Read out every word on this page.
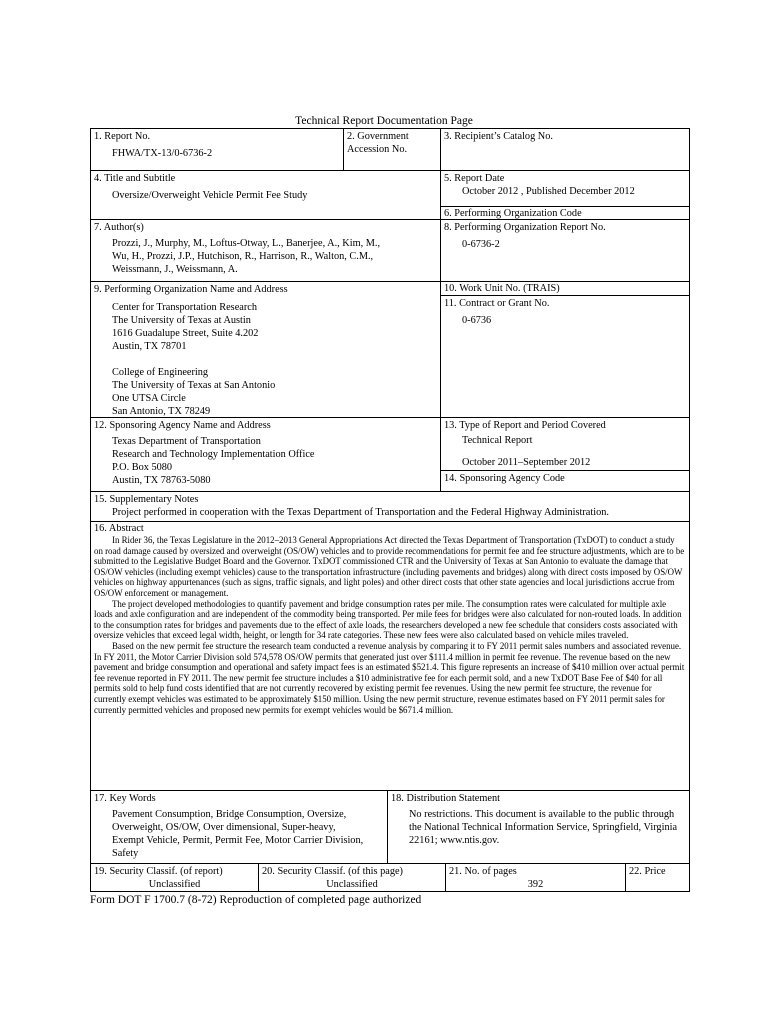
Technical Report Documentation Page
1. Report No.
FHWA/TX-13/0-6736-2
2. Government
Accession No.
3. Recipient’s Catalog No.
4. Title and Subtitle
Oversize/Overweight Vehicle Permit Fee Study
5. Report Date
October 2012 , Published December 2012
6. Performing Organization Code
7. Author(s)
Prozzi, J., Murphy, M., Loftus-Otway, L., Banerjee, A., Kim, M.,
Wu, H., Prozzi, J.P., Hutchison, R., Harrison, R., Walton, C.M.,
Weissmann, J., Weissmann, A.
8. Performing Organization Report No.
0-6736-2
9. Performing Organization Name and Address
Center for Transportation Research
The University of Texas at Austin
1616 Guadalupe Street, Suite 4.202
Austin, TX 78701

College of Engineering
The University of Texas at San Antonio
One UTSA Circle
San Antonio, TX 78249
10. Work Unit No. (TRAIS)
11. Contract or Grant No.
0-6736
12. Sponsoring Agency Name and Address
Texas Department of Transportation
Research and Technology Implementation Office
P.O. Box 5080
Austin, TX 78763-5080
13. Type of Report and Period Covered
Technical Report

October 2011–September 2012
14. Sponsoring Agency Code
15. Supplementary Notes
Project performed in cooperation with the Texas Department of Transportation and the Federal Highway Administration.
16. Abstract

In Rider 36, the Texas Legislature in the 2012–2013 General Appropriations Act directed the Texas Department of Transportation (TxDOT) to conduct a study on road damage caused by oversized and overweight (OS/OW) vehicles and to provide recommendations for permit fee and fee structure adjustments, which are to be submitted to the Legislative Budget Board and the Governor. TxDOT commissioned CTR and the University of Texas at San Antonio to evaluate the damage that OS/OW vehicles (including exempt vehicles) cause to the transportation infrastructure (including pavements and bridges) along with direct costs imposed by OS/OW vehicles on highway appurtenances (such as signs, traffic signals, and light poles) and other direct costs that other state agencies and local jurisdictions accrue from OS/OW enforcement or management.

The project developed methodologies to quantify pavement and bridge consumption rates per mile. The consumption rates were calculated for multiple axle loads and axle configuration and are independent of the commodity being transported. Per mile fees for bridges were also calculated for non-routed loads. In addition to the consumption rates for bridges and pavements due to the effect of axle loads, the researchers developed a new fee schedule that considers costs associated with oversize vehicles that exceed legal width, height, or length for 34 rate categories. These new fees were also calculated based on vehicle miles traveled.

Based on the new permit fee structure the research team conducted a revenue analysis by comparing it to FY 2011 permit sales numbers and associated revenue. In FY 2011, the Motor Carrier Division sold 574,578 OS/OW permits that generated just over $111.4 million in permit fee revenue. The revenue based on the new pavement and bridge consumption and operational and safety impact fees is an estimated $521.4. This figure represents an increase of $410 million over actual permit fee revenue reported in FY 2011. The new permit fee structure includes a $10 administrative fee for each permit sold, and a new TxDOT Base Fee of $40 for all permits sold to help fund costs identified that are not currently recovered by existing permit fee revenues. Using the new permit fee structure, the revenue for currently exempt vehicles was estimated to be approximately $150 million. Using the new permit structure, revenue estimates based on FY 2011 permit sales for currently permitted vehicles and proposed new permits for exempt vehicles would be $671.4 million.

17. Key Words
Pavement Consumption, Bridge Consumption, Oversize, Overweight, OS/OW, Over dimensional, Super-heavy, Exempt Vehicle, Permit, Permit Fee, Motor Carrier Division, Safety
18. Distribution Statement
No restrictions. This document is available to the public through the National Technical Information Service, Springfield, Virginia 22161; www.ntis.gov.
19. Security Classif. (of report)
Unclassified
20. Security Classif. (of this page)
Unclassified
21. No. of pages
392
22. Price
Form DOT F 1700.7 (8-72) Reproduction of completed page authorized
